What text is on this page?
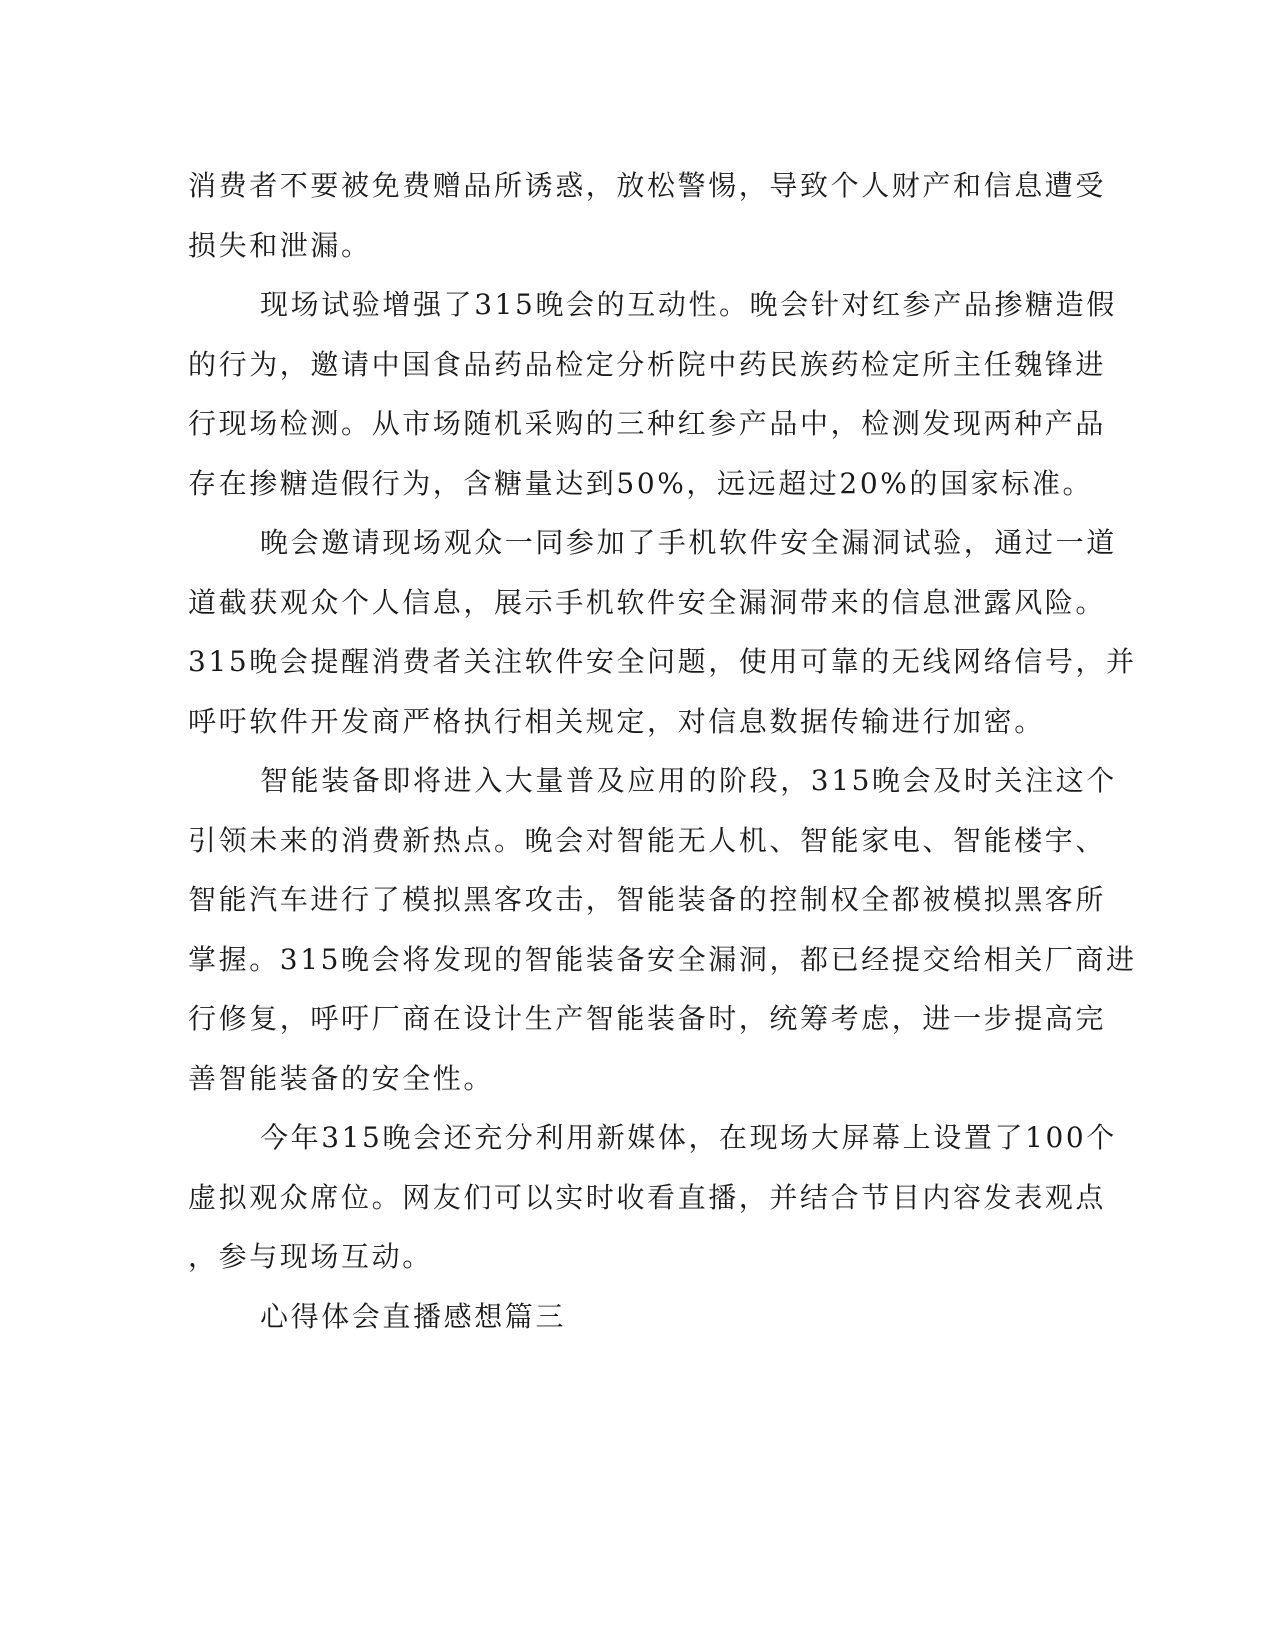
消费者不要被免费赠品所诱惑，放松警惕，导致个人财产和信息遭受
损失和泄漏。
现场试验增强了315晚会的互动性。晚会针对红参产品掺糖造假
的行为，邀请中国食品药品检定分析院中药民族药检定所主任魏锋进
行现场检测。从市场随机采购的三种红参产品中，检测发现两种产品
存在掺糖造假行为，含糖量达到50%，远远超过20%的国家标准。
晚会邀请现场观众一同参加了手机软件安全漏洞试验，通过一道
道截获观众个人信息，展示手机软件安全漏洞带来的信息泄露风险。
315晚会提醒消费者关注软件安全问题，使用可靠的无线网络信号，并
呼吁软件开发商严格执行相关规定，对信息数据传输进行加密。
智能装备即将进入大量普及应用的阶段，315晚会及时关注这个
引领未来的消费新热点。晚会对智能无人机、智能家电、智能楼宇、
智能汽车进行了模拟黑客攻击，智能装备的控制权全都被模拟黑客所
掌握。315晚会将发现的智能装备安全漏洞，都已经提交给相关厂商进
行修复，呼吁厂商在设计生产智能装备时，统筹考虑，进一步提高完
善智能装备的安全性。
今年315晚会还充分利用新媒体，在现场大屏幕上设置了100个
虚拟观众席位。网友们可以实时收看直播，并结合节目内容发表观点
，参与现场互动。
心得体会直播感想篇三
